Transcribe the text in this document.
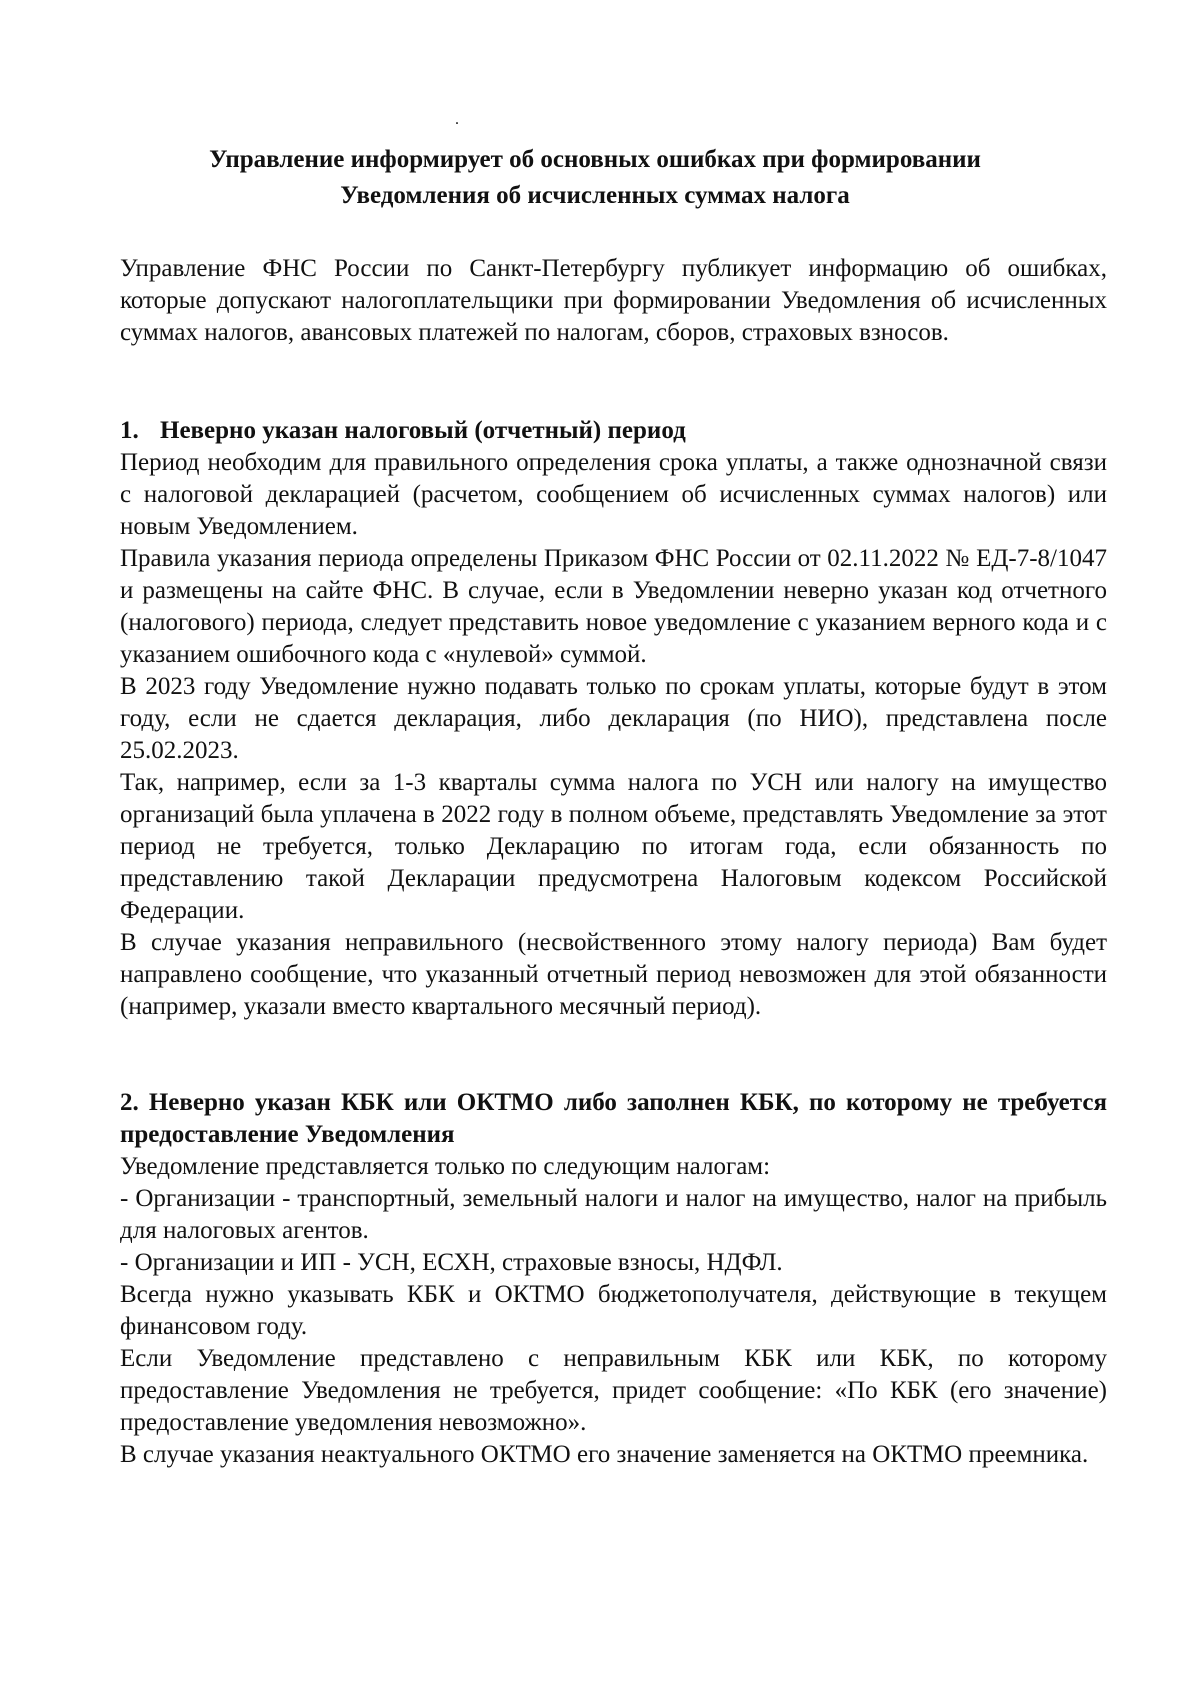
.
Управление информирует об основных ошибках при формировании
Уведомления об исчисленных суммах налога

Управление ФНС России по Санкт-Петербургу публикует информацию об ошибках, которые допускают налогоплательщики при формировании Уведомления об исчисленных суммах налогов, авансовых платежей по налогам, сборов, страховых взносов.

1. Неверно указан налоговый (отчетный) период

Период необходим для правильного определения срока уплаты, а также однозначной связи с налоговой декларацией (расчетом, сообщением об исчисленных суммах налогов) или новым Уведомлением.

Правила указания периода определены Приказом ФНС России от 02.11.2022 № ЕД-7-8/1047 и размещены на сайте ФНС. В случае, если в Уведомлении неверно указан код отчетного (налогового) периода, следует представить новое уведомление с указанием верного кода и с указанием ошибочного кода с «нулевой» суммой.

В 2023 году Уведомление нужно подавать только по срокам уплаты, которые будут в этом году, если не сдается декларация, либо декларация (по НИО), представлена после 25.02.2023.

Так, например, если за 1-3 кварталы сумма налога по УСН или налогу на имущество организаций была уплачена в 2022 году в полном объеме, представлять Уведомление за этот период не требуется, только Декларацию по итогам года, если обязанность по представлению такой Декларации предусмотрена Налоговым кодексом Российской Федерации.

В случае указания неправильного (несвойственного этому налогу периода) Вам будет направлено сообщение, что указанный отчетный период невозможен для этой обязанности (например, указали вместо квартального месячный период).

2. Неверно указан КБК или ОКТМО либо заполнен КБК, по которому не требуется предоставление Уведомления

Уведомление представляется только по следующим налогам:

- Организации - транспортный, земельный налоги и налог на имущество, налог на прибыль для налоговых агентов.

- Организации и ИП - УСН, ЕСХН, страховые взносы, НДФЛ.

Всегда нужно указывать КБК и ОКТМО бюджетополучателя, действующие в текущем финансовом году.

Если Уведомление представлено с неправильным КБК или КБК, по которому предоставление Уведомления не требуется, придет сообщение: «По КБК (его значение) предоставление уведомления невозможно».

В случае указания неактуального ОКТМО его значение заменяется на ОКТМО преемника.
